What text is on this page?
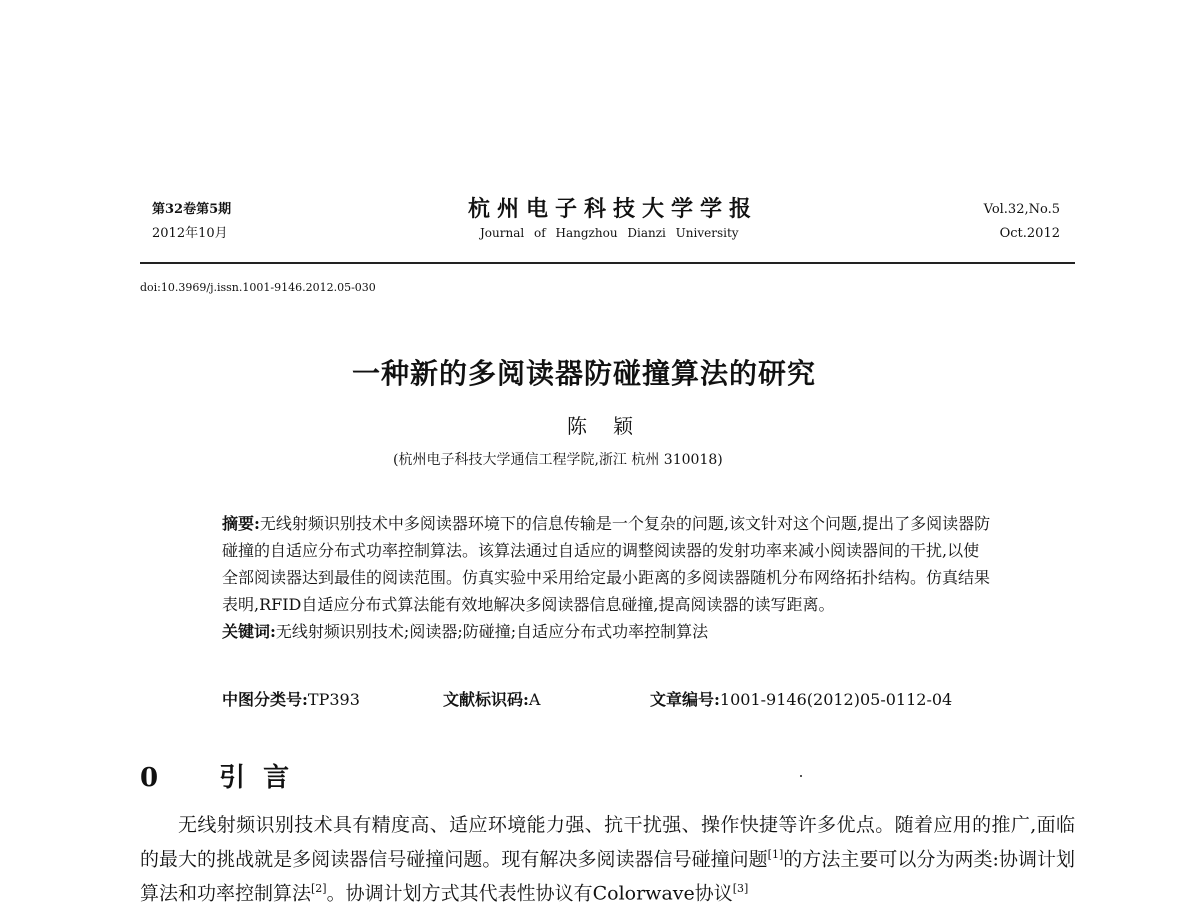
第32卷第5期
2012年10月
杭州电子科技大学学报
Journal of Hangzhou Dianzi University
Vol.32,No.5
Oct.2012
doi:10.3969/j.issn.1001-9146.2012.05-030
一种新的多阅读器防碰撞算法的研究
陈颖
(杭州电子科技大学通信工程学院,浙江 杭州 310018)

摘要:无线射频识别技术中多阅读器环境下的信息传输是一个复杂的问题,该文针对这个问题,提出了多阅读器防碰撞的自适应分布式功率控制算法。该算法通过自适应的调整阅读器的发射功率来减小阅读器间的干扰,以使全部阅读器达到最佳的阅读范围。仿真实验中采用给定最小距离的多阅读器随机分布网络拓扑结构。仿真结果表明,RFID自适应分布式算法能有效地解决多阅读器信息碰撞,提高阅读器的读写距离。

关键词:无线射频识别技术;阅读器;防碰撞;自适应分布式功率控制算法

中图分类号:TP393	文献标识码:A	文章编号:1001-9146(2012)05-0112-04
0 引言
无线射频识别技术具有精度高、适应环境能力强、抗干扰强、操作快捷等许多优点。随着应用的推广,面临的最大的挑战就是多阅读器信号碰撞问题。现有解决多阅读器信号碰撞问题[1]的方法主要可以分为两类:协调计划算法和功率控制算法[2]。协调计划方式其代表性协议有Colorwave协议[3]
